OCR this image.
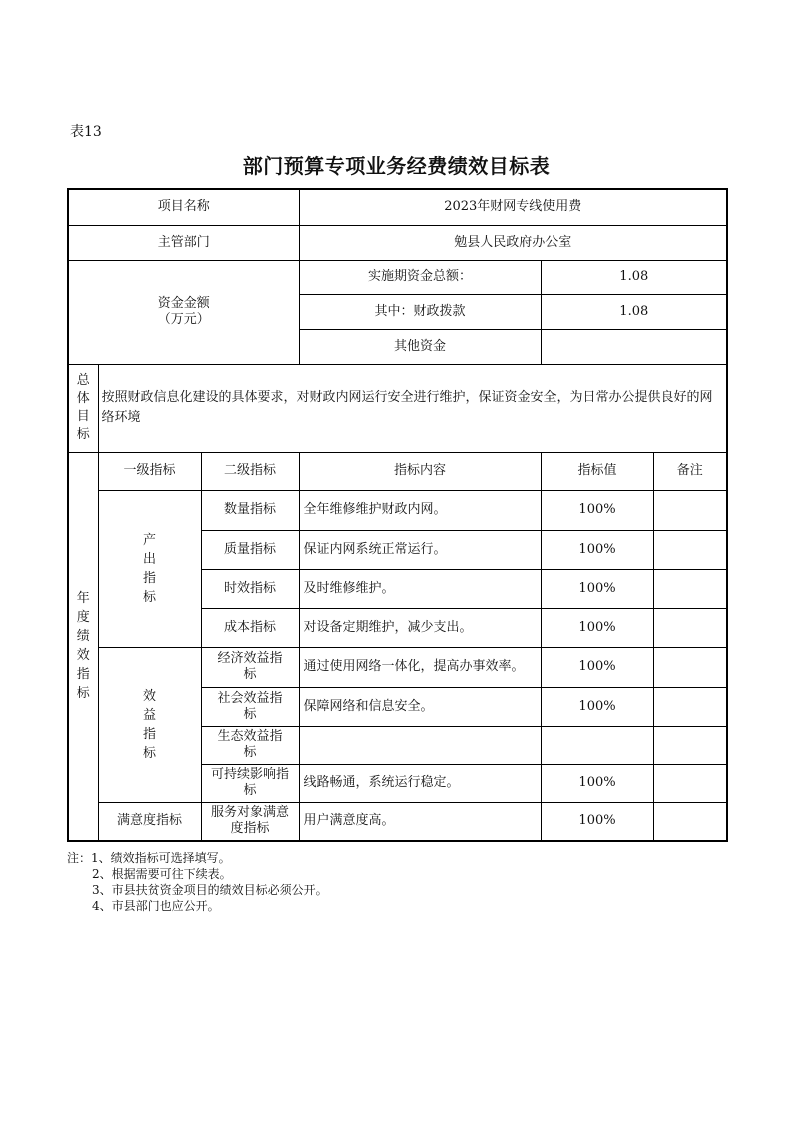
表13
部门预算专项业务经费绩效目标表
项目名称			2023年财网专线使用费		
主管部门			勉县人民政府办公室		

资金金额
（万元）			实施期资金总额：	1.08	
			其中：财政拨款	1.08	
			其他资金		

总体目标	按照财政信息化建设的具体要求，对财政内网运行安全进行维护，保证资金安全，为日常办公提供良好的网络环境				

年度绩效指标	一级指标	二级指标	指标内容	指标值	备注

	产出指标	数量指标	全年维修维护财政内网。	100%	
		质量指标	保证内网系统正常运行。	100%	
		时效指标	及时维修维护。	100%	
		成本指标	对设备定期维护，减少支出。	100%	

	效益指标	经济效益指标	通过使用网络一体化，提高办事效率。	100%	
		社会效益指标	保障网络和信息安全。	100%	
		生态效益指标			
		可持续影响指标	线路畅通，系统运行稳定。	100%	
	满意度指标	服务对象满意度指标	用户满意度高。	100%	
注：1、绩效指标可选择填写。
2、根据需要可往下续表。
3、市县扶贫资金项目的绩效目标必须公开。
4、市县部门也应公开。
